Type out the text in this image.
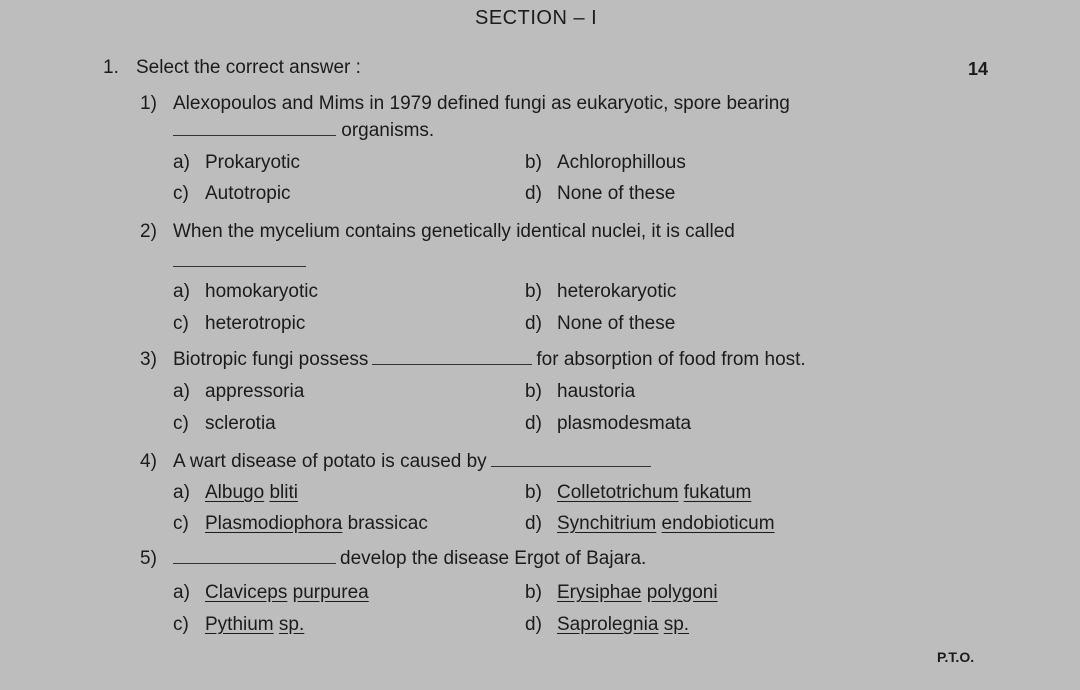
SECTION – I
1. Select the correct answer :	14
1) Alexopoulos and Mims in 1979 defined fungi as eukaryotic, spore bearing
organisms.
a) Prokaryotic	b) Achlorophillous
c) Autotropic	d) None of these
2) When the mycelium contains genetically identical nuclei, it is called
a) homokaryotic	b) heterokaryotic
c) heterotropic	d) None of these
3) Biotropic fungi possess	for absorption of food from host.
a) appressoria	b) haustoria
c) sclerotia	d) plasmodesmata
4) A wart disease of potato is caused by
a) Albugo bliti	b) Colletotrichum fukatum
c) Plasmodiophora brassicac	d) Synchitrium endobioticum
5)	develop the disease Ergot of Bajara.
a) Claviceps purpurea	b) Erysiphae polygoni
c) Pythium sp.	d) Saprolegnia sp.
P.T.O.
